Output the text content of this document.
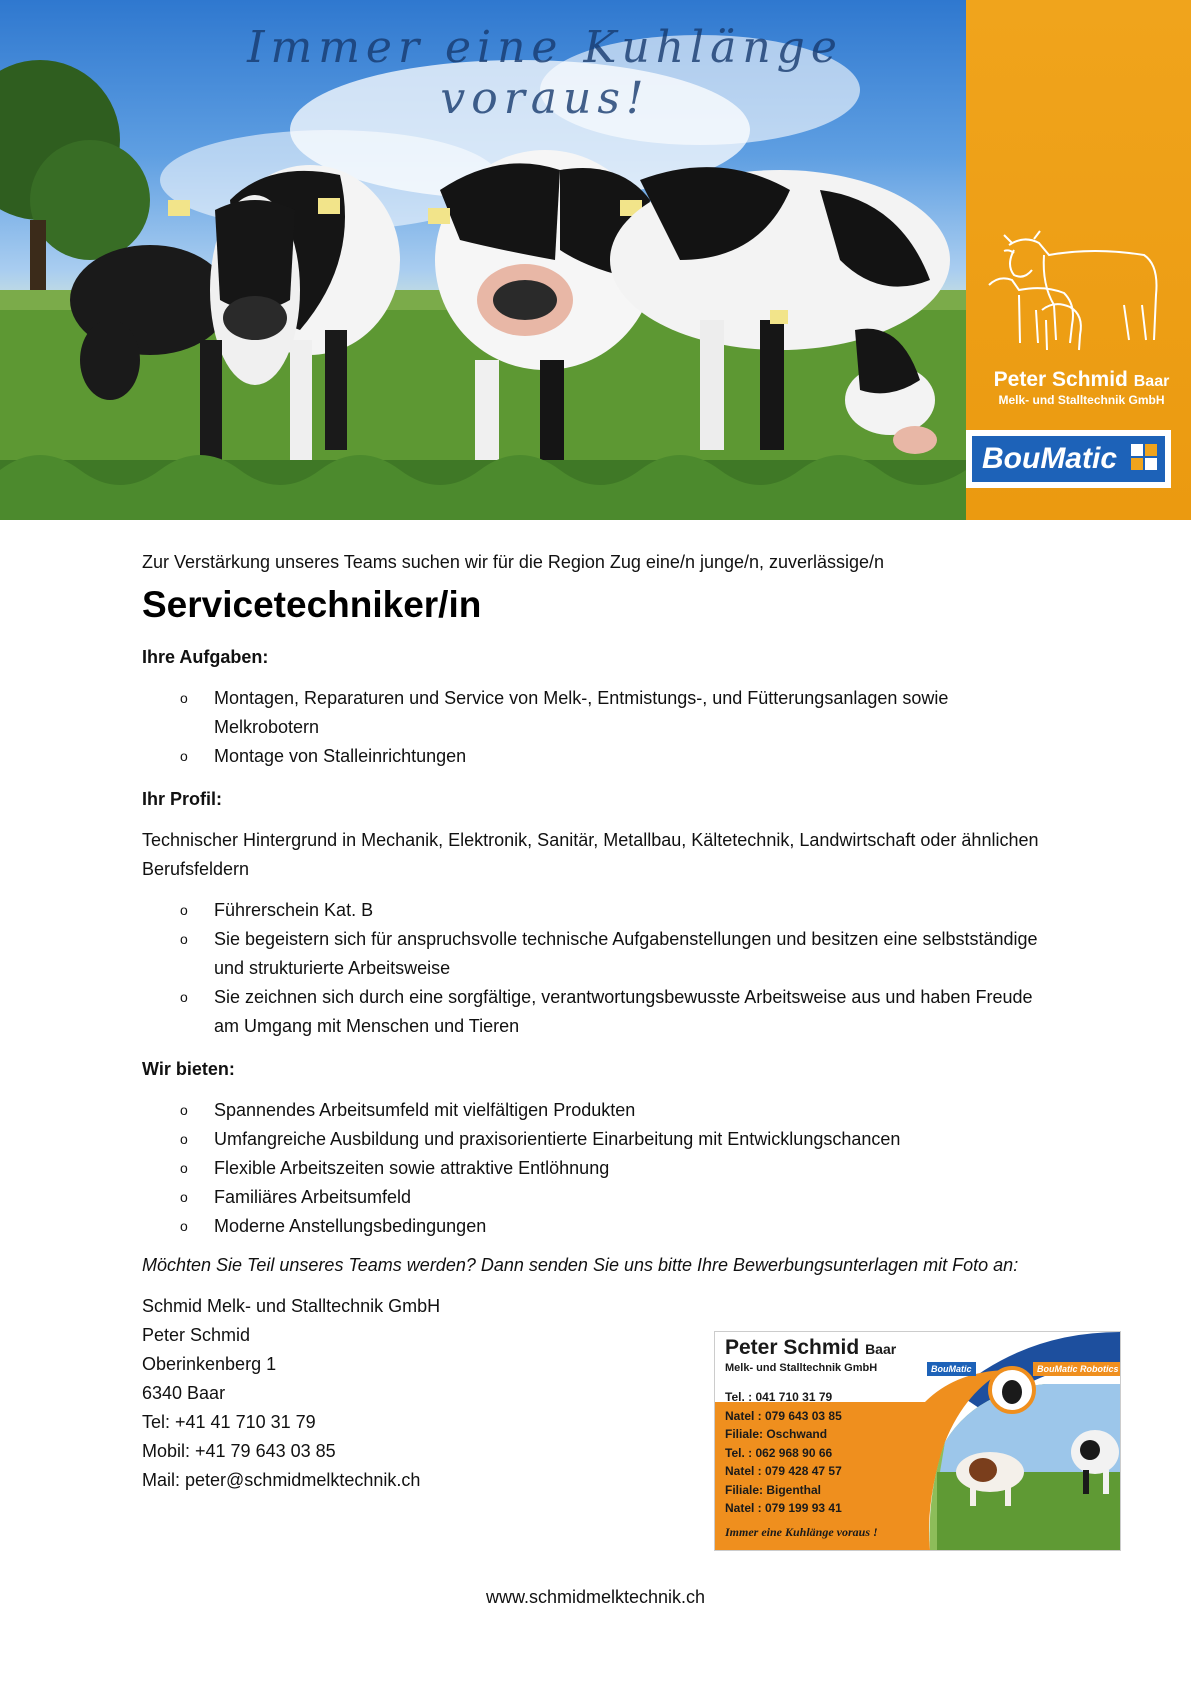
Immer eine Kuhlänge voraus!
Peter Schmid Baar
Melk- und Stalltechnik GmbH
BouMatic

Zur Verstärkung unseres Teams suchen wir für die Region Zug eine/n junge/n, zuverlässige/n

Servicetechniker/in

Ihre Aufgaben:

o Montagen, Reparaturen und Service von Melk-, Entmistungs-, und Fütterungsanlagen sowie Melkrobotern
o Montage von Stalleinrichtungen

Ihr Profil:

Technischer Hintergrund in Mechanik, Elektronik, Sanitär, Metallbau, Kältetechnik, Landwirtschaft oder ähnlichen Berufsfeldern

o Führerschein Kat. B
o Sie begeistern sich für anspruchsvolle technische Aufgabenstellungen und besitzen eine selbstständige und strukturierte Arbeitsweise
o Sie zeichnen sich durch eine sorgfältige, verantwortungsbewusste Arbeitsweise aus und haben Freude am Umgang mit Menschen und Tieren

Wir bieten:

o Spannendes Arbeitsumfeld mit vielfältigen Produkten
o Umfangreiche Ausbildung und praxisorientierte Einarbeitung mit Entwicklungschancen
o Flexible Arbeitszeiten sowie attraktive Entlöhnung
o Familiäres Arbeitsumfeld
o Moderne Anstellungsbedingungen

Möchten Sie Teil unseres Teams werden? Dann senden Sie uns bitte Ihre Bewerbungsunterlagen mit Foto an:

Schmid Melk- und Stalltechnik GmbH

Peter Schmid

Oberinkenberg 1

6340 Baar

Tel: +41 41 710 31 79

Mobil: +41 79 643 03 85

Mail: peter@schmidmelktechnik.ch

Peter Schmid Baar
Melk- und Stalltechnik GmbH	BouMatic	BouMatic Robotics
Tel. : 041 710 31 79
Natel : 079 643 03 85
Filiale: Oschwand
Tel. : 062 968 90 66
Natel : 079 428 47 57
Filiale: Bigenthal
Natel : 079 199 93 41
Immer eine Kuhlänge voraus !
www.schmidmelktechnik.ch
